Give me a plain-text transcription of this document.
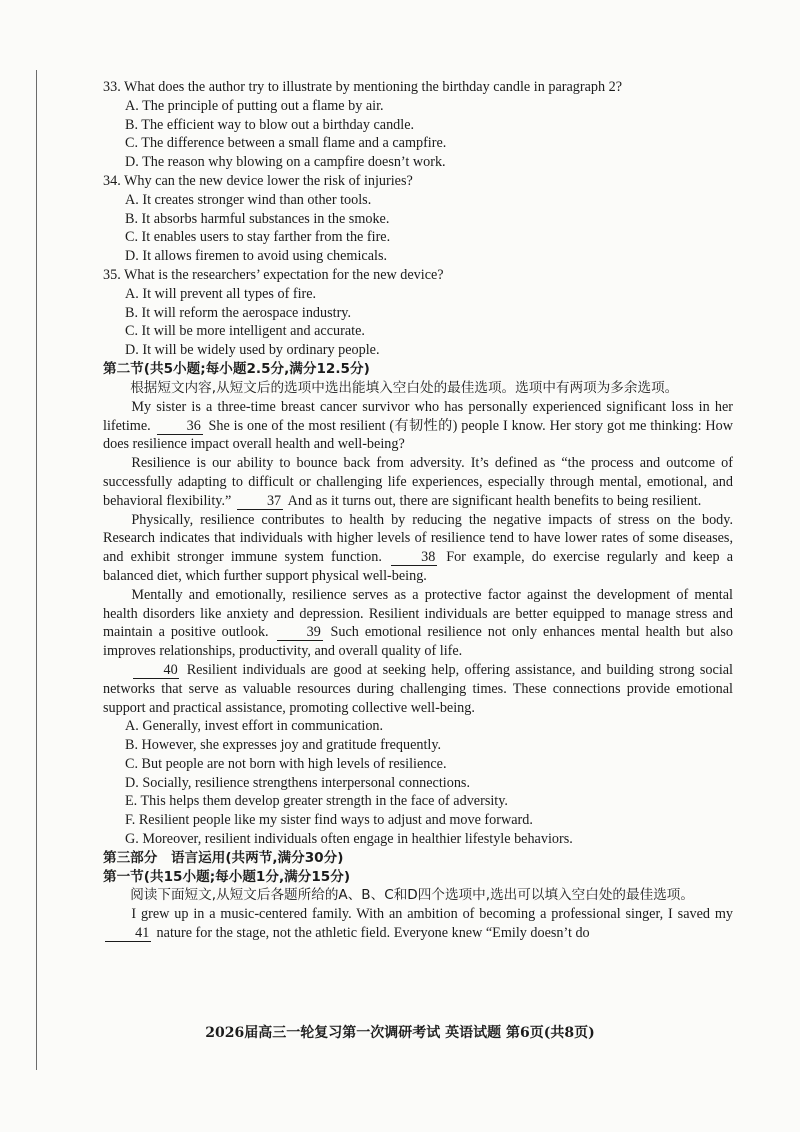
33. What does the author try to illustrate by mentioning the birthday candle in paragraph 2?

A. The principle of putting out a flame by air.

B. The efficient way to blow out a birthday candle.

C. The difference between a small flame and a campfire.

D. The reason why blowing on a campfire doesn’t work.

34. Why can the new device lower the risk of injuries?

A. It creates stronger wind than other tools.

B. It absorbs harmful substances in the smoke.

C. It enables users to stay farther from the fire.

D. It allows firemen to avoid using chemicals.

35. What is the researchers’ expectation for the new device?

A. It will prevent all types of fire.

B. It will reform the aerospace industry.

C. It will be more intelligent and accurate.

D. It will be widely used by ordinary people.

第二节(共5小题;每小题2.5分,满分12.5分)

根据短文内容,从短文后的选项中选出能填入空白处的最佳选项。选项中有两项为多余选项。

My sister is a three-time breast cancer survivor who has personally experienced significant loss in her lifetime.	36 She is one of the most resilient (有韧性的) people I know. Her story got me thinking: How does resilience impact overall health and well-being?

Resilience is our ability to bounce back from adversity. It’s defined as “the process and outcome of successfully adapting to difficult or challenging life experiences, especially through mental, emotional, and behavioral flexibility.”	37 And as it turns out, there are significant health benefits to being resilient.

Physically, resilience contributes to health by reducing the negative impacts of stress on the body. Research indicates that individuals with higher levels of resilience tend to have lower rates of some diseases, and exhibit stronger immune system function.	38 For example, do exercise regularly and keep a balanced diet, which further support physical well-being.

Mentally and emotionally, resilience serves as a protective factor against the development of mental health disorders like anxiety and depression. Resilient individuals are better equipped to manage stress and maintain a positive outlook.	39 Such emotional resilience not only enhances mental health but also improves relationships, productivity, and overall quality of life.

40 Resilient individuals are good at seeking help, offering assistance, and building strong social networks that serve as valuable resources during challenging times. These connections provide emotional support and practical assistance, promoting collective well-being.

A. Generally, invest effort in communication.

B. However, she expresses joy and gratitude frequently.

C. But people are not born with high levels of resilience.

D. Socially, resilience strengthens interpersonal connections.

E. This helps them develop greater strength in the face of adversity.

F. Resilient people like my sister find ways to adjust and move forward.

G. Moreover, resilient individuals often engage in healthier lifestyle behaviors.

第三部分　语言运用(共两节,满分30分)

第一节(共15小题;每小题1分,满分15分)

阅读下面短文,从短文后各题所给的A、B、C和D四个选项中,选出可以填入空白处的最佳选项。

I grew up in a music-centered family. With an ambition of becoming a professional singer, I saved my 41 nature for the stage, not the athletic field. Everyone knew “Emily doesn’t do

2026届高三一轮复习第一次调研考试 英语试题 第6页(共8页)
